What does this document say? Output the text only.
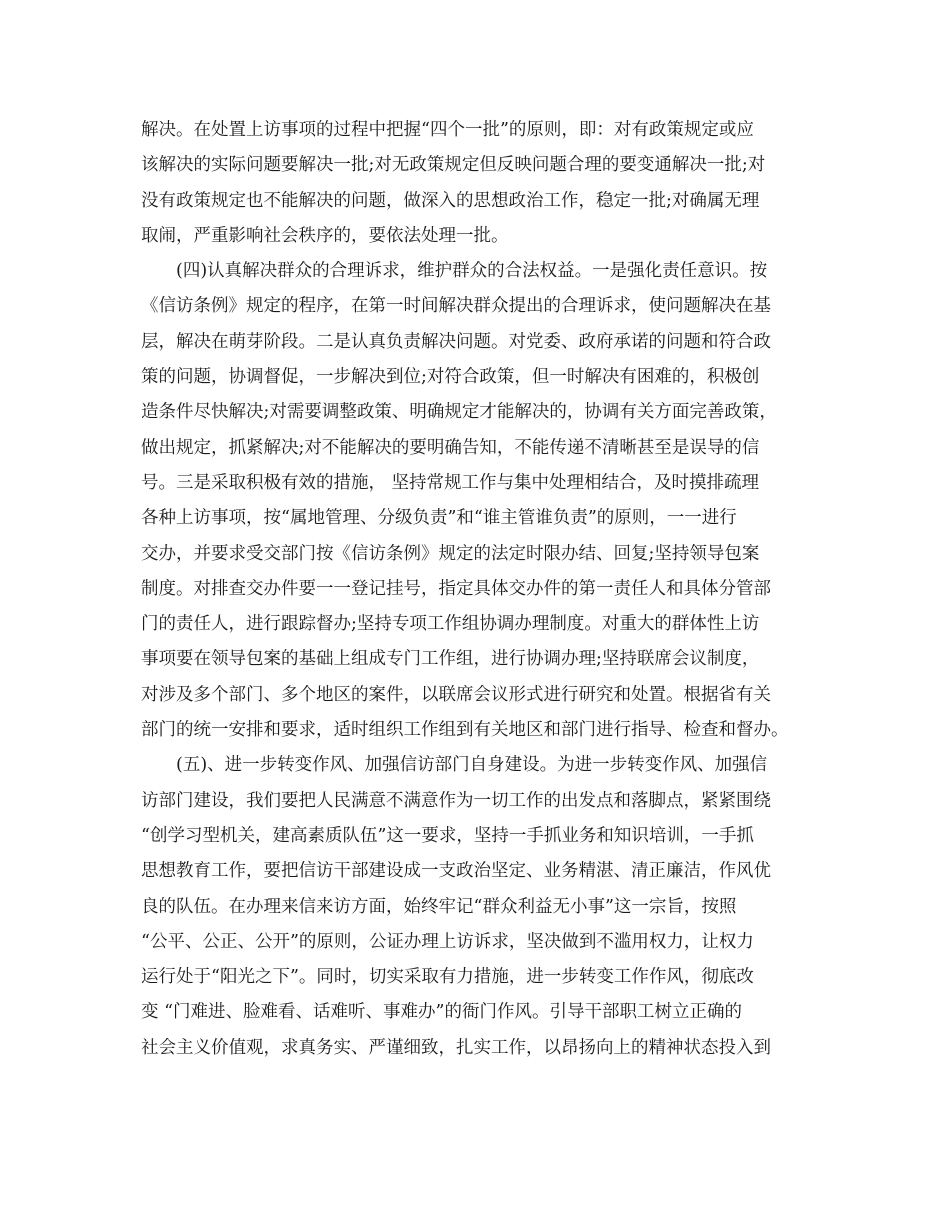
解决。在处置上访事项的过程中把握“四个一批”的原则，即：对有政策规定或应
该解决的实际问题要解决一批;对无政策规定但反映问题合理的要变通解决一批;对
没有政策规定也不能解决的问题，做深入的思想政治工作，稳定一批;对确属无理
取闹，严重影响社会秩序的，要依法处理一批。
(四)认真解决群众的合理诉求，维护群众的合法权益。一是强化责任意识。按
《信访条例》规定的程序，在第一时间解决群众提出的合理诉求，使问题解决在基
层，解决在萌芽阶段。二是认真负责解决问题。对党委、政府承诺的问题和符合政
策的问题，协调督促，一步解决到位;对符合政策，但一时解决有困难的，积极创
造条件尽快解决;对需要调整政策、明确规定才能解决的，协调有关方面完善政策，
做出规定，抓紧解决;对不能解决的要明确告知，不能传递不清晰甚至是误导的信
号。三是采取积极有效的措施， 坚持常规工作与集中处理相结合，及时摸排疏理
各种上访事项，按“属地管理、分级负责”和“谁主管谁负责”的原则，一一进行
交办，并要求受交部门按《信访条例》规定的法定时限办结、回复;坚持领导包案
制度。对排查交办件要一一登记挂号，指定具体交办件的第一责任人和具体分管部
门的责任人，进行跟踪督办;坚持专项工作组协调办理制度。对重大的群体性上访
事项要在领导包案的基础上组成专门工作组，进行协调办理;坚持联席会议制度，
对涉及多个部门、多个地区的案件，以联席会议形式进行研究和处置。根据省有关
部门的统一安排和要求，适时组织工作组到有关地区和部门进行指导、检查和督办。
(五)、进一步转变作风、加强信访部门自身建设。为进一步转变作风、加强信
访部门建设，我们要把人民满意不满意作为一切工作的出发点和落脚点，紧紧围绕
“创学习型机关，建高素质队伍”这一要求，坚持一手抓业务和知识培训，一手抓
思想教育工作，要把信访干部建设成一支政治坚定、业务精湛、清正廉洁，作风优
良的队伍。在办理来信来访方面，始终牢记“群众利益无小事”这一宗旨，按照
“公平、公正、公开”的原则，公证办理上访诉求，坚决做到不滥用权力，让权力
运行处于“阳光之下”。同时，切实采取有力措施，进一步转变工作作风，彻底改
变 “门难进、脸难看、话难听、事难办”的衙门作风。引导干部职工树立正确的
社会主义价值观，求真务实、严谨细致，扎实工作，以昂扬向上的精神状态投入到
